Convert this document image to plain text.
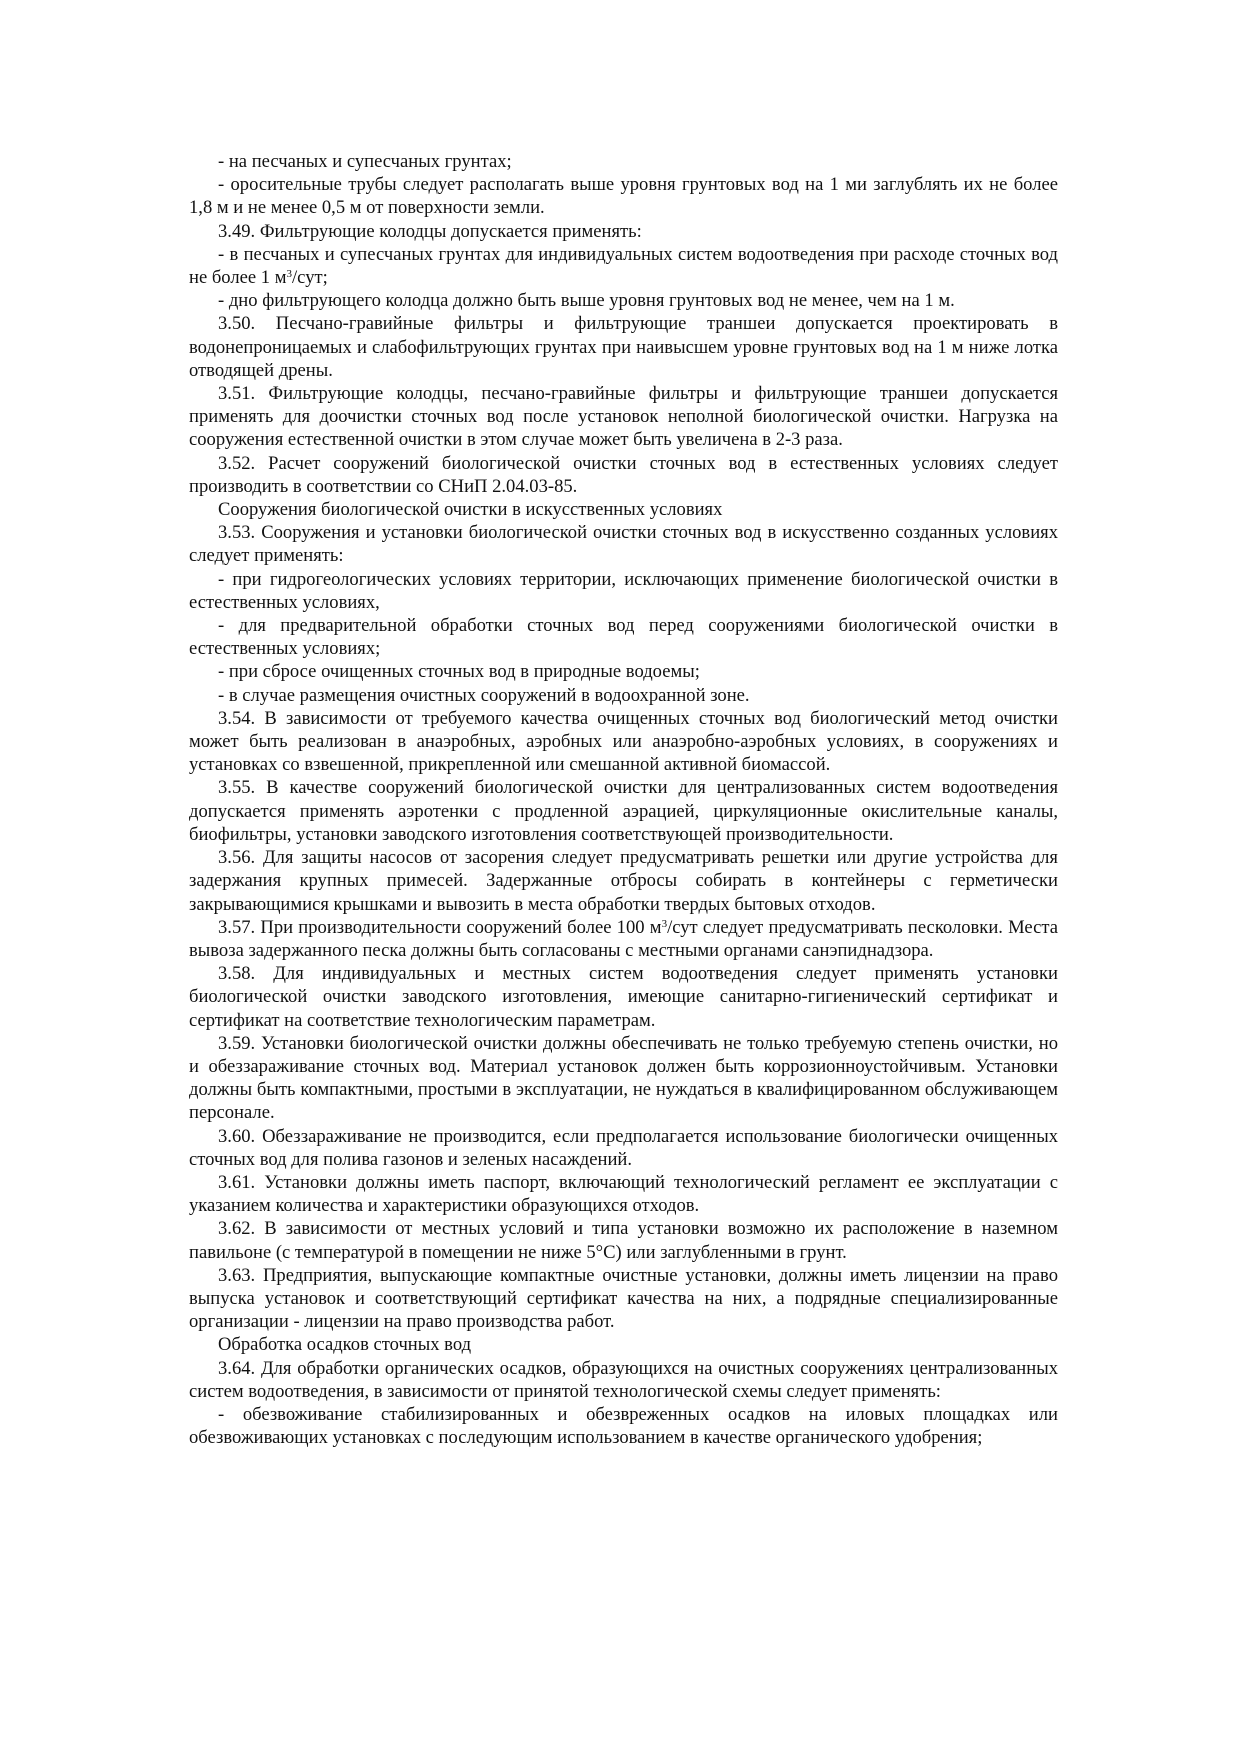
- на песчаных и супесчаных грунтах;

- оросительные трубы следует располагать выше уровня грунтовых вод на 1 ми заглублять их не более 1,8 м и не менее 0,5 м от поверхности земли.

3.49. Фильтрующие колодцы допускается применять:

- в песчаных и супесчаных грунтах для индивидуальных систем водоотведения при расходе сточных вод не более 1 $м^3$/сут;

- дно фильтрующего колодца должно быть выше уровня грунтовых вод не менее, чем на 1 м.

3.50. Песчано-гравийные фильтры и фильтрующие траншеи допускается проектировать в водонепроницаемых и слабофильтрующих грунтах при наивысшем уровне грунтовых вод на 1 м ниже лотка отводящей дрены.

3.51. Фильтрующие колодцы, песчано-гравийные фильтры и фильтрующие траншеи допускается применять для доочистки сточных вод после установок неполной биологической очистки. Нагрузка на сооружения естественной очистки в этом случае может быть увеличена в 2-3 раза.

3.52. Расчет сооружений биологической очистки сточных вод в естественных условиях следует производить в соответствии со СНиП 2.04.03-85.

Сооружения биологической очистки в искусственных условиях

3.53. Сооружения и установки биологической очистки сточных вод в искусственно созданных условиях следует применять:

- при гидрогеологических условиях территории, исключающих применение биологической очистки в естественных условиях,

- для предварительной обработки сточных вод перед сооружениями биологической очистки в естественных условиях;

- при сбросе очищенных сточных вод в природные водоемы;

- в случае размещения очистных сооружений в водоохранной зоне.

3.54. В зависимости от требуемого качества очищенных сточных вод биологический метод очистки может быть реализован в анаэробных, аэробных или анаэробно-аэробных условиях, в сооружениях и установках со взвешенной, прикрепленной или смешанной активной биомассой.

3.55. В качестве сооружений биологической очистки для централизованных систем водоотведения допускается применять аэротенки с продленной аэрацией, циркуляционные окислительные каналы, биофильтры, установки заводского изготовления соответствующей производительности.

3.56. Для защиты насосов от засорения следует предусматривать решетки или другие устройства для задержания крупных примесей. Задержанные отбросы собирать в контейнеры с герметически закрывающимися крышками и вывозить в места обработки твердых бытовых отходов.

3.57. При производительности сооружений более 100 $м^3$/сут следует предусматривать песколовки. Места вывоза задержанного песка должны быть согласованы с местными органами санэпиднадзора.

3.58. Для индивидуальных и местных систем водоотведения следует применять установки биологической очистки заводского изготовления, имеющие санитарно-гигиенический сертификат и сертификат на соответствие технологическим параметрам.

3.59. Установки биологической очистки должны обеспечивать не только требуемую степень очистки, но и обеззараживание сточных вод. Материал установок должен быть коррозионноустойчивым. Установки должны быть компактными, простыми в эксплуатации, не нуждаться в квалифицированном обслуживающем персонале.

3.60. Обеззараживание не производится, если предполагается использование биологически очищенных сточных вод для полива газонов и зеленых насаждений.

3.61. Установки должны иметь паспорт, включающий технологический регламент ее эксплуатации с указанием количества и характеристики образующихся отходов.

3.62. В зависимости от местных условий и типа установки возможно их расположение в наземном павильоне (с температурой в помещении не ниже 5°С) или заглубленными в грунт.

3.63. Предприятия, выпускающие компактные очистные установки, должны иметь лицензии на право выпуска установок и соответствующий сертификат качества на них, а подрядные специализированные организации - лицензии на право производства работ.

Обработка осадков сточных вод

3.64. Для обработки органических осадков, образующихся на очистных сооружениях централизованных систем водоотведения, в зависимости от принятой технологической схемы следует применять:

- обезвоживание стабилизированных и обезвреженных осадков на иловых площадках или обезвоживающих установках с последующим использованием в качестве органического удобрения;
